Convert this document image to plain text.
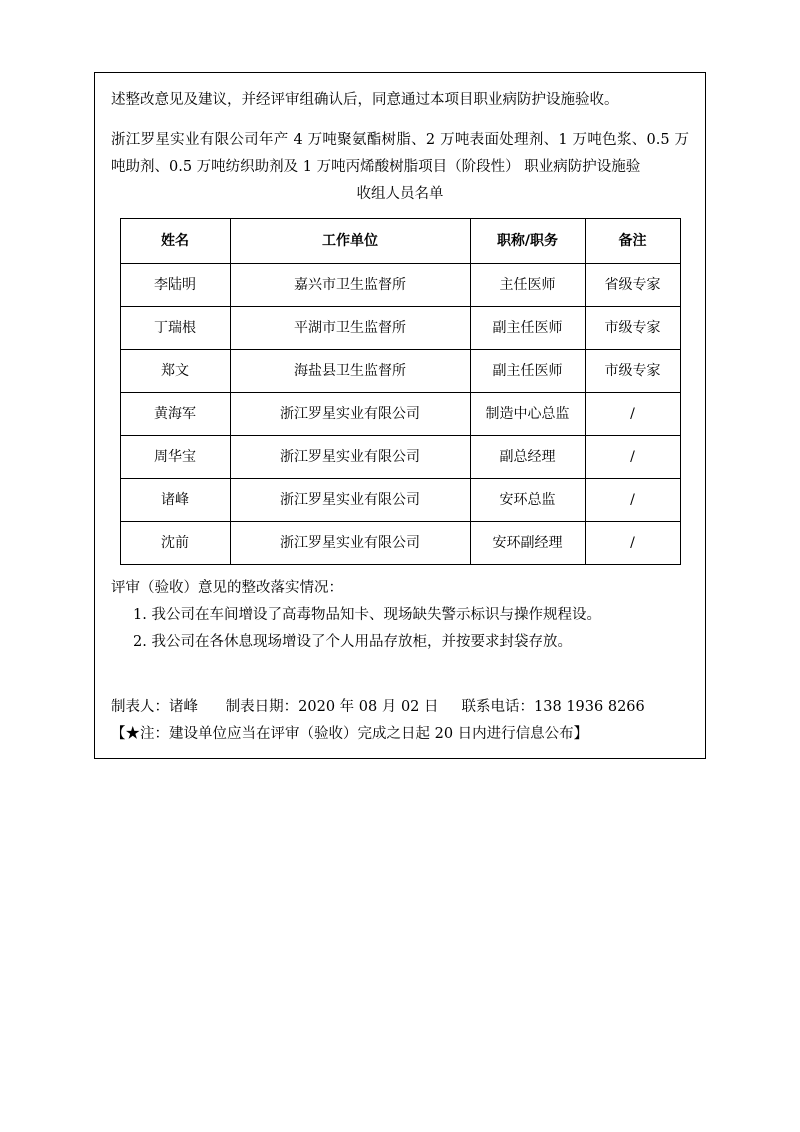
述整改意见及建议，并经评审组确认后，同意通过本项目职业病防护设施验收。

浙江罗星实业有限公司年产 4 万吨聚氨酯树脂、2 万吨表面处理剂、1 万吨色浆、0.5 万吨助剂、0.5 万吨纺织助剂及 1 万吨丙烯酸树脂项目（阶段性） 职业病防护设施验
收组人员名单
姓名	工作单位	职称/职务	备注
李陆明	嘉兴市卫生监督所	主任医师	省级专家
丁瑞根	平湖市卫生监督所	副主任医师	市级专家
郑文	海盐县卫生监督所	副主任医师	市级专家
黄海军	浙江罗星实业有限公司	制造中心总监	/
周华宝	浙江罗星实业有限公司	副总经理	/
诸峰	浙江罗星实业有限公司	安环总监	/
沈前	浙江罗星实业有限公司	安环副经理	/

评审（验收）意见的整改落实情况：

1. 我公司在车间增设了高毒物品知卡、现场缺失警示标识与操作规程设。

2. 我公司在各休息现场增设了个人用品存放柜，并按要求封袋存放。

制表人：诸峰      制表日期：2020 年 08 月 02 日     联系电话：138 1936 8266

【★注：建设单位应当在评审（验收）完成之日起 20 日内进行信息公布】
